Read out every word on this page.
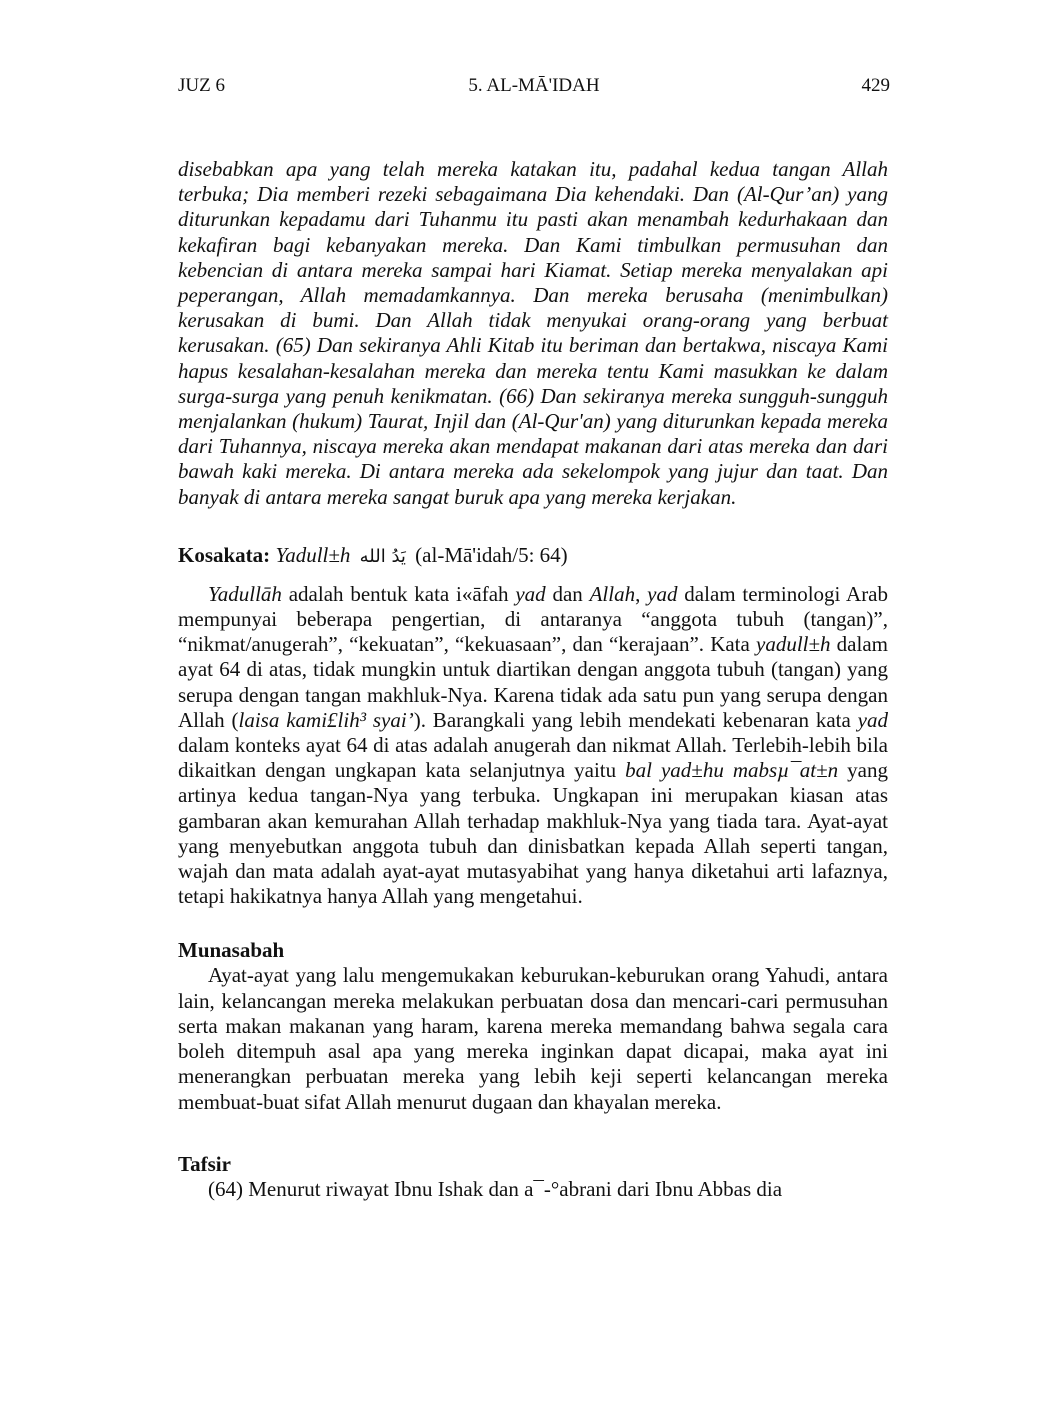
JUZ 6	5. AL-MĀ'IDAH	429

disebabkan apa yang telah mereka katakan itu, padahal kedua tangan Allah terbuka; Dia memberi rezeki sebagaimana Dia kehendaki. Dan (Al-Qur’an) yang diturunkan kepadamu dari Tuhanmu itu pasti akan menambah kedurhakaan dan kekafiran bagi kebanyakan mereka. Dan Kami timbulkan permusuhan dan kebencian di antara mereka sampai hari Kiamat. Setiap mereka menyalakan api peperangan, Allah memadamkannya. Dan mereka berusaha (menimbulkan) kerusakan di bumi. Dan Allah tidak menyukai orang-orang yang berbuat kerusakan. (65) Dan sekiranya Ahli Kitab itu beriman dan bertakwa, niscaya Kami hapus kesalahan-kesalahan mereka dan mereka tentu Kami masukkan ke dalam surga-surga yang penuh kenikmatan. (66) Dan sekiranya mereka sungguh-sungguh menjalankan (hukum) Taurat, Injil dan (Al-Qur'an) yang diturunkan kepada mereka dari Tuhannya, niscaya mereka akan mendapat makanan dari atas mereka dan dari bawah kaki mereka. Di antara mereka ada sekelompok yang jujur dan taat. Dan banyak di antara mereka sangat buruk apa yang mereka kerjakan.

Kosakata: Yadull±h يَدُ الله (al-Mā'idah/5: 64)

Yadullāh adalah bentuk kata i«āfah yad dan Allah, yad dalam terminologi Arab mempunyai beberapa pengertian, di antaranya “anggota tubuh (tangan)”, “nikmat/anugerah”, “kekuatan”, “kekuasaan”, dan “kerajaan”. Kata yadull±h dalam ayat 64 di atas, tidak mungkin untuk diartikan dengan anggota tubuh (tangan) yang serupa dengan tangan makhluk-Nya. Karena tidak ada satu pun yang serupa dengan Allah (laisa kami£lih³ syai’). Barangkali yang lebih mendekati kebenaran kata yad dalam konteks ayat 64 di atas adalah anugerah dan nikmat Allah. Terlebih-lebih bila dikaitkan dengan ungkapan kata selanjutnya yaitu bal yad±hu mabsµ¯at±n yang artinya kedua tangan-Nya yang terbuka. Ungkapan ini merupakan kiasan atas gambaran akan kemurahan Allah terhadap makhluk-Nya yang tiada tara. Ayat-ayat yang menyebutkan anggota tubuh dan dinisbatkan kepada Allah seperti tangan, wajah dan mata adalah ayat-ayat mutasyabihat yang hanya diketahui arti lafaznya, tetapi hakikatnya hanya Allah yang mengetahui.

Munasabah

Ayat-ayat yang lalu mengemukakan keburukan-keburukan orang Yahudi, antara lain, kelancangan mereka melakukan perbuatan dosa dan mencari-cari permusuhan serta makan makanan yang haram, karena mereka memandang bahwa segala cara boleh ditempuh asal apa yang mereka inginkan dapat dicapai, maka ayat ini menerangkan perbuatan mereka yang lebih keji seperti kelancangan mereka membuat-buat sifat Allah menurut dugaan dan khayalan mereka.

Tafsir

(64) Menurut riwayat Ibnu Ishak dan a¯-°abrani dari Ibnu Abbas dia
